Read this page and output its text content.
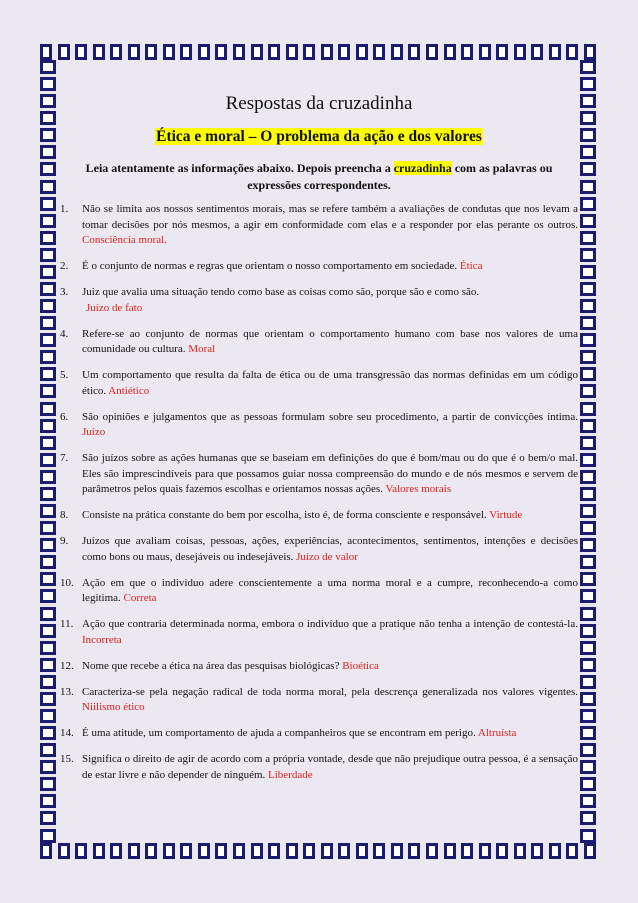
Respostas da cruzadinha
Ética e moral – O problema da ação e dos valores

Leia atentamente as informações abaixo. Depois preencha a cruzadinha com as palavras ou expressões correspondentes.

1.	Não se limita aos nossos sentimentos morais, mas se refere também a avaliações de condutas que nos levam a tomar decisões por nós mesmos, a agir em conformidade com elas e a responder por elas perante os outros. Consciência moral.
2.	É o conjunto de normas e regras que orientam o nosso comportamento em sociedade. Ética
3.	Juiz que avalia uma situação tendo como base as coisas como são, porque são e como são.
Juízo de fato
4.	Refere-se ao conjunto de normas que orientam o comportamento humano com base nos valores de uma comunidade ou cultura. Moral
5.	Um comportamento que resulta da falta de ética ou de uma transgressão das normas definidas em um código ético. Antiético
6.	São opiniões e julgamentos que as pessoas formulam sobre seu procedimento, a partir de convicções íntima. Juízo
7.	São juízos sobre as ações humanas que se baseiam em definições do que é bom/mau ou do que é o bem/o mal. Eles são imprescindíveis para que possamos guiar nossa compreensão do mundo e de nós mesmos e servem de parâmetros pelos quais fazemos escolhas e orientamos nossas ações. Valores morais
8.	Consiste na prática constante do bem por escolha, isto é, de forma consciente e responsável. Virtude
9.	Juízos que avaliam coisas, pessoas, ações, experiências, acontecimentos, sentimentos, intenções e decisões como bons ou maus, desejáveis ou indesejáveis. Juízo de valor
10. Ação em que o individuo adere conscientemente a uma norma moral e a cumpre, reconhecendo-a como legitima. Correta
11. Ação que contraria determinada norma, embora o indivíduo que a pratique não tenha a intenção de contestá-la. Incorreta
12. Nome que recebe a ética na área das pesquisas biológicas? Bioética
13. Caracteriza-se pela negação radical de toda norma moral, pela descrença generalizada nos valores vigentes. Niilismo ético
14. É uma atitude, um comportamento de ajuda a companheiros que se encontram em perigo. Altruísta
15. Significa o direito de agir de acordo com a própria vontade, desde que não prejudique outra pessoa, é a sensação de estar livre e não depender de ninguém. Liberdade
